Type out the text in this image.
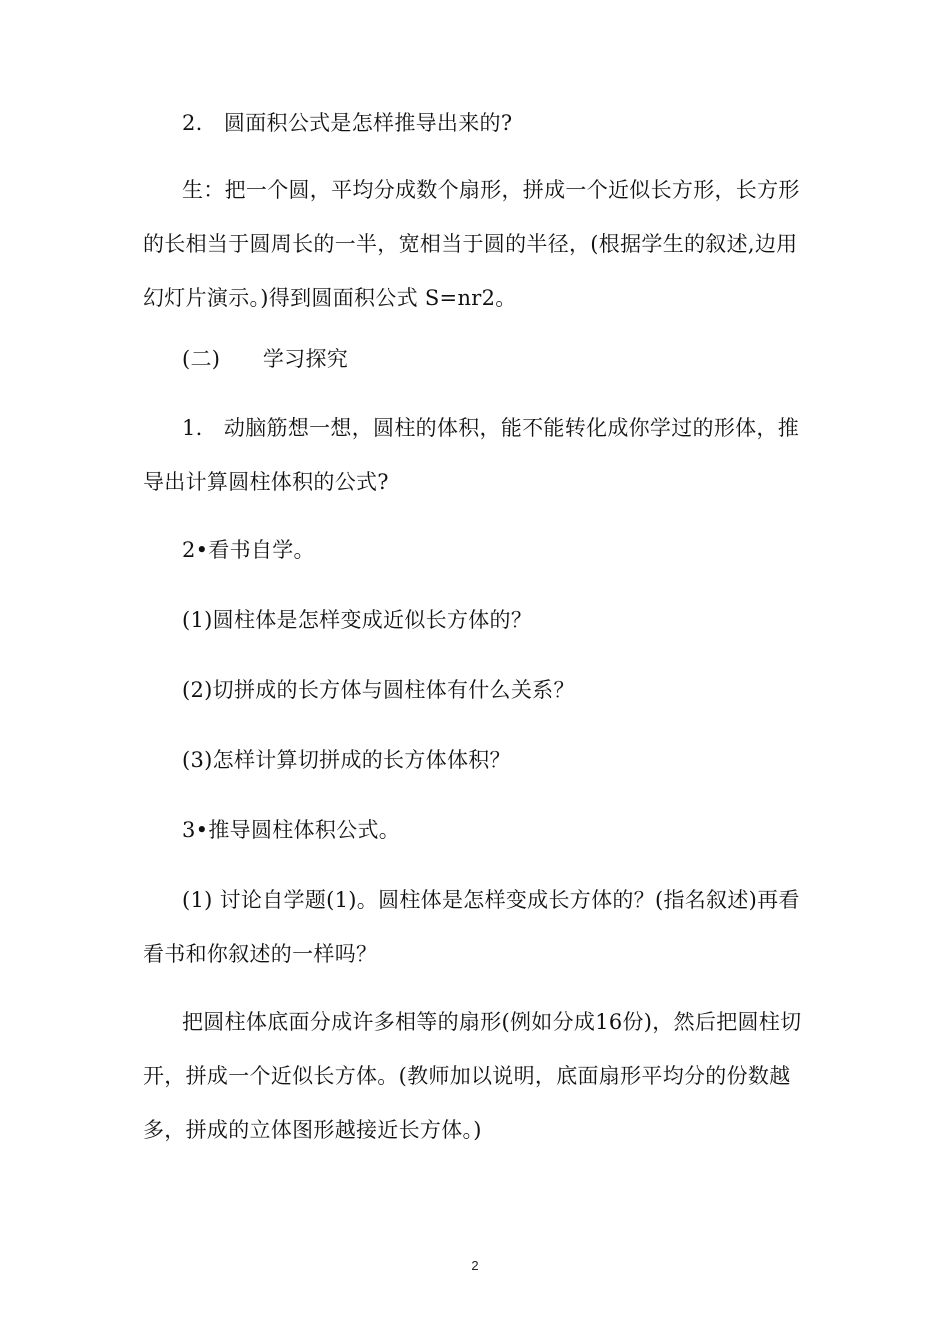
2.　圆面积公式是怎样推导出来的?

生：把一个圆，平均分成数个扇形，拼成一个近似长方形，长方形的长相当于圆周长的一半，宽相当于圆的半径，(根据学生的叙述,边用幻灯片演示。)得到圆面积公式 S=nr2。

(二)　　学习探究

1.　动脑筋想一想，圆柱的体积，能不能转化成你学过的形体，推导出计算圆柱体积的公式?

2•看书自学。

(1)圆柱体是怎样变成近似长方体的？

(2)切拼成的长方体与圆柱体有什么关系？

(3)怎样计算切拼成的长方体体积？

3•推导圆柱体积公式。

(1) 讨论自学题(1)。圆柱体是怎样变成长方体的？(指名叙述)再看看书和你叙述的一样吗？

把圆柱体底面分成许多相等的扇形(例如分成16份)，然后把圆柱切开，拼成一个近似长方体。(教师加以说明，底面扇形平均分的份数越多，拼成的立体图形越接近长方体。)

2
